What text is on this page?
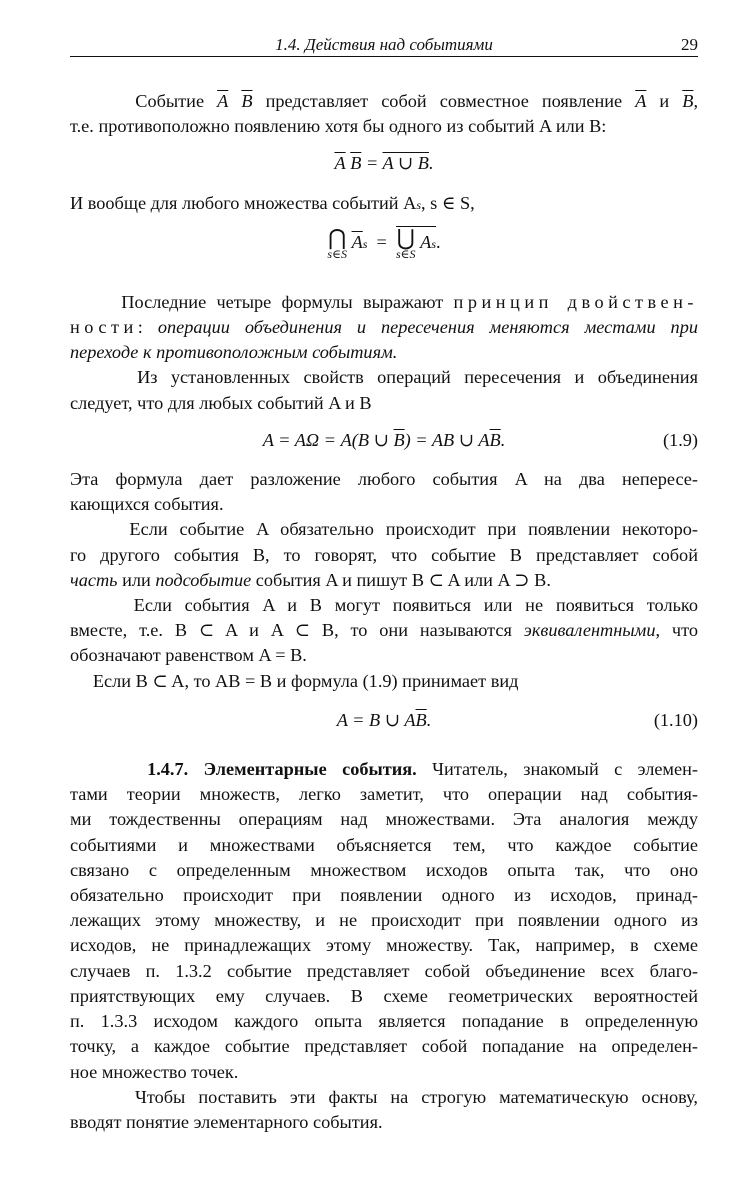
1.4. Действия над событиями	29

Событие $\overline{A}$ $\overline{B}$ представляет собой совместное появление $\overline{A}$ и $\overline{B}$,
т.е. противоположно появлению хотя бы одного из событий A или B:

$\overline{A}$ $\overline{B} = A$ ∪ B.

И вообще для любого множества событий As, s ∈ S,

⋂
s∈S
$\overline{A}s$  = ⋃
s∈S
As.

Последние четыре формулы выражают принцип двойствен-
ности: операции объединения и пересечения меняются местами при
переходе к противоположным событиям.

Из установленных свойств операций пересечения и объединения
следует, что для любых событий A и B

A = AΩ = A(B ∪ $\overline{B}$) = AB ∪ $A\overline{B}$.	(1.9)

Эта формула дает разложение любого события A на два непересе-
кающихся события.

Если событие A обязательно происходит при появлении некоторо-
го другого события B, то говорят, что событие B представляет собой
часть или подсобытие события A и пишут B ⊂ A или A ⊃ B.

Если события A и B могут появиться или не появиться только
вместе, т.е. B ⊂ A и A ⊂ B, то они называются эквивалентными, что
обозначают равенством A = B.

Если B ⊂ A, то AB = B и формула (1.9) принимает вид

A = B ∪ $A\overline{B}$.	(1.10)

1.4.7. Элементарные события. Читатель, знакомый с элемен-
тами теории множеств, легко заметит, что операции над события-
ми тождественны операциям над множествами. Эта аналогия между
событиями и множествами объясняется тем, что каждое событие
связано с определенным множеством исходов опыта так, что оно
обязательно происходит при появлении одного из исходов, принад-
лежащих этому множеству, и не происходит при появлении одного из
исходов, не принадлежащих этому множеству. Так, например, в схеме
случаев п. 1.3.2 событие представляет собой объединение всех благо-
приятствующих ему случаев. В схеме геометрических вероятностей
п. 1.3.3 исходом каждого опыта является попадание в определенную
точку, а каждое событие представляет собой попадание на определен-
ное множество точек.

Чтобы поставить эти факты на строгую математическую основу,
вводят понятие элементарного события.
